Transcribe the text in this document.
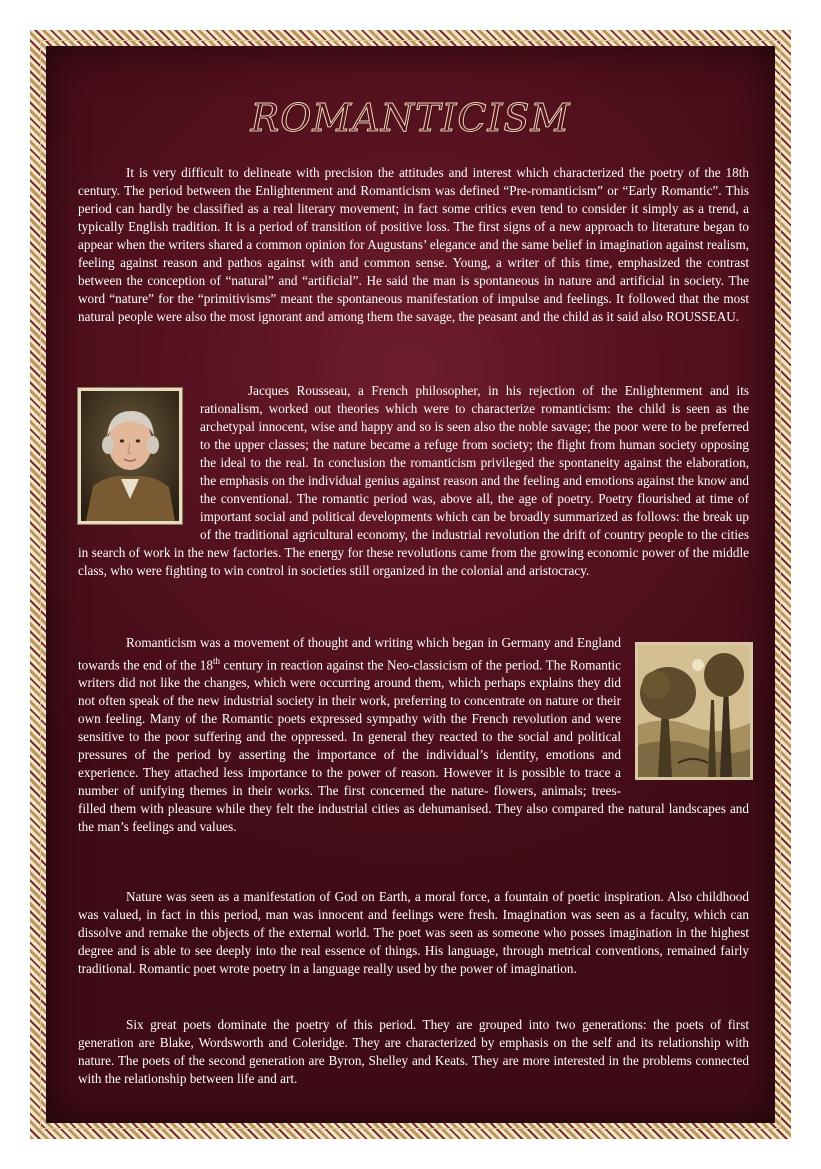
ROMANTICISM

It is very difficult to delineate with precision the attitudes and interest which characterized the poetry of the 18th century. The period between the Enlightenment and Romanticism was defined “Pre-romanticism” or “Early Romantic”. This period can hardly be classified as a real literary movement; in fact some critics even tend to consider it simply as a trend, a typically English tradition. It is a period of transition of positive loss. The first signs of a new approach to literature began to appear when the writers shared a common opinion for Augustans’ elegance and the same belief in imagination against realism, feeling against reason and pathos against with and common sense. Young, a writer of this time, emphasized the contrast between the conception of “natural” and “artificial”. He said the man is spontaneous in nature and artificial in society. The word “nature” for the “primitivisms” meant the spontaneous manifestation of impulse and feelings. It followed that the most natural people were also the most ignorant and among them the savage, the peasant and the child as it said also ROUSSEAU.

Jacques Rousseau, a French philosopher, in his rejection of the Enlightenment and its rationalism, worked out theories which were to characterize romanticism: the child is seen as the archetypal innocent, wise and happy and so is seen also the noble savage; the poor were to be preferred to the upper classes; the nature became a refuge from society; the flight from human society opposing the ideal to the real. In conclusion the romanticism privileged the spontaneity against the elaboration, the emphasis on the individual genius against reason and the feeling and emotions against the know and the conventional. The romantic period was, above all, the age of poetry. Poetry flourished at time of important social and political developments which can be broadly summarized as follows: the break up of the traditional agricultural economy, the industrial revolution the drift of country people to the cities in search of work in the new factories. The energy for these revolutions came from the growing economic power of the middle class, who were fighting to win control in societies still organized in the colonial and aristocracy.
Romanticism was a movement of thought and writing which began in Germany and England towards the end of the 18th century in reaction against the Neo-classicism of the period. The Romantic writers did not like the changes, which were occurring around them, which perhaps explains they did not often speak of the new industrial society in their work, preferring to concentrate on nature or their own feeling. Many of the Romantic poets expressed sympathy with the French revolution and were sensitive to the poor suffering and the oppressed. In general they reacted to the social and political pressures of the period by asserting the importance of the individual’s identity, emotions and experience. They attached less importance to the power of reason. However it is possible to trace a number of unifying themes in their works. The first concerned the nature- flowers, animals; trees- filled them with pleasure while they felt the industrial cities as dehumanised. They also compared the natural landscapes and the man’s feelings and values.

Nature was seen as a manifestation of God on Earth, a moral force, a fountain of poetic inspiration. Also childhood was valued, in fact in this period, man was innocent and feelings were fresh. Imagination was seen as a faculty, which can dissolve and remake the objects of the external world. The poet was seen as someone who posses imagination in the highest degree and is able to see deeply into the real essence of things. His language, through metrical conventions, remained fairly traditional. Romantic poet wrote poetry in a language really used by the power of imagination.

Six great poets dominate the poetry of this period. They are grouped into two generations: the poets of first generation are Blake, Wordsworth and Coleridge. They are characterized by emphasis on the self and its relationship with nature. The poets of the second generation are Byron, Shelley and Keats. They are more interested in the problems connected with the relationship between life and art.
